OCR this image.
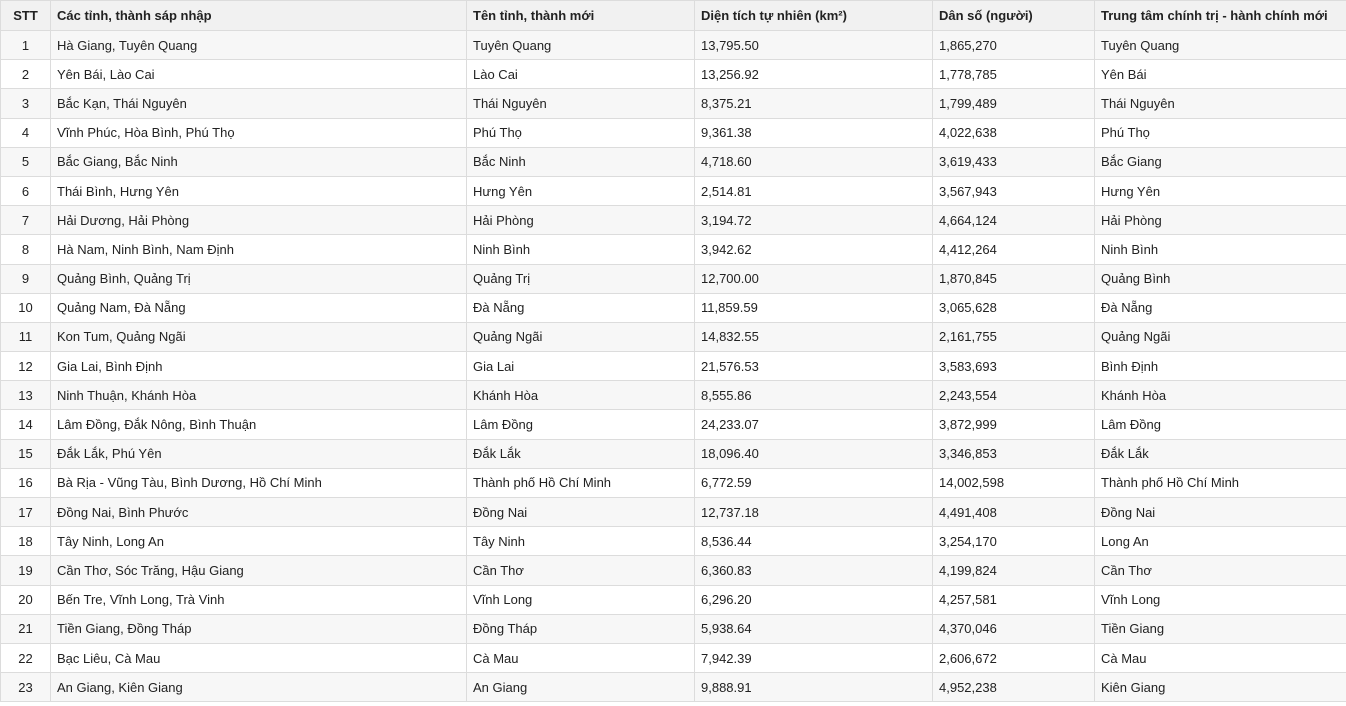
STT	Các tỉnh, thành sáp nhập	Tên tỉnh, thành mới	Diện tích tự nhiên (km²)	Dân số (người)	Trung tâm chính trị - hành chính mới
1	Hà Giang, Tuyên Quang	Tuyên Quang	13,795.50	1,865,270	Tuyên Quang
2	Yên Bái, Lào Cai	Lào Cai	13,256.92	1,778,785	Yên Bái
3	Bắc Kạn, Thái Nguyên	Thái Nguyên	8,375.21	1,799,489	Thái Nguyên
4	Vĩnh Phúc, Hòa Bình, Phú Thọ	Phú Thọ	9,361.38	4,022,638	Phú Thọ
5	Bắc Giang, Bắc Ninh	Bắc Ninh	4,718.60	3,619,433	Bắc Giang
6	Thái Bình, Hưng Yên	Hưng Yên	2,514.81	3,567,943	Hưng Yên
7	Hải Dương, Hải Phòng	Hải Phòng	3,194.72	4,664,124	Hải Phòng
8	Hà Nam, Ninh Bình, Nam Định	Ninh Bình	3,942.62	4,412,264	Ninh Bình
9	Quảng Bình, Quảng Trị	Quảng Trị	12,700.00	1,870,845	Quảng Bình
10	Quảng Nam, Đà Nẵng	Đà Nẵng	11,859.59	3,065,628	Đà Nẵng
11	Kon Tum, Quảng Ngãi	Quảng Ngãi	14,832.55	2,161,755	Quảng Ngãi
12	Gia Lai, Bình Định	Gia Lai	21,576.53	3,583,693	Bình Định
13	Ninh Thuận, Khánh Hòa	Khánh Hòa	8,555.86	2,243,554	Khánh Hòa
14	Lâm Đồng, Đắk Nông, Bình Thuận	Lâm Đồng	24,233.07	3,872,999	Lâm Đồng
15	Đắk Lắk, Phú Yên	Đắk Lắk	18,096.40	3,346,853	Đắk Lắk
16	Bà Rịa - Vũng Tàu, Bình Dương, Hồ Chí Minh	Thành phố Hồ Chí Minh	6,772.59	14,002,598	Thành phố Hồ Chí Minh
17	Đồng Nai, Bình Phước	Đồng Nai	12,737.18	4,491,408	Đồng Nai
18	Tây Ninh, Long An	Tây Ninh	8,536.44	3,254,170	Long An
19	Cần Thơ, Sóc Trăng, Hậu Giang	Cần Thơ	6,360.83	4,199,824	Cần Thơ
20	Bến Tre, Vĩnh Long, Trà Vinh	Vĩnh Long	6,296.20	4,257,581	Vĩnh Long
21	Tiền Giang, Đồng Tháp	Đồng Tháp	5,938.64	4,370,046	Tiền Giang
22	Bạc Liêu, Cà Mau	Cà Mau	7,942.39	2,606,672	Cà Mau
23	An Giang, Kiên Giang	An Giang	9,888.91	4,952,238	Kiên Giang
